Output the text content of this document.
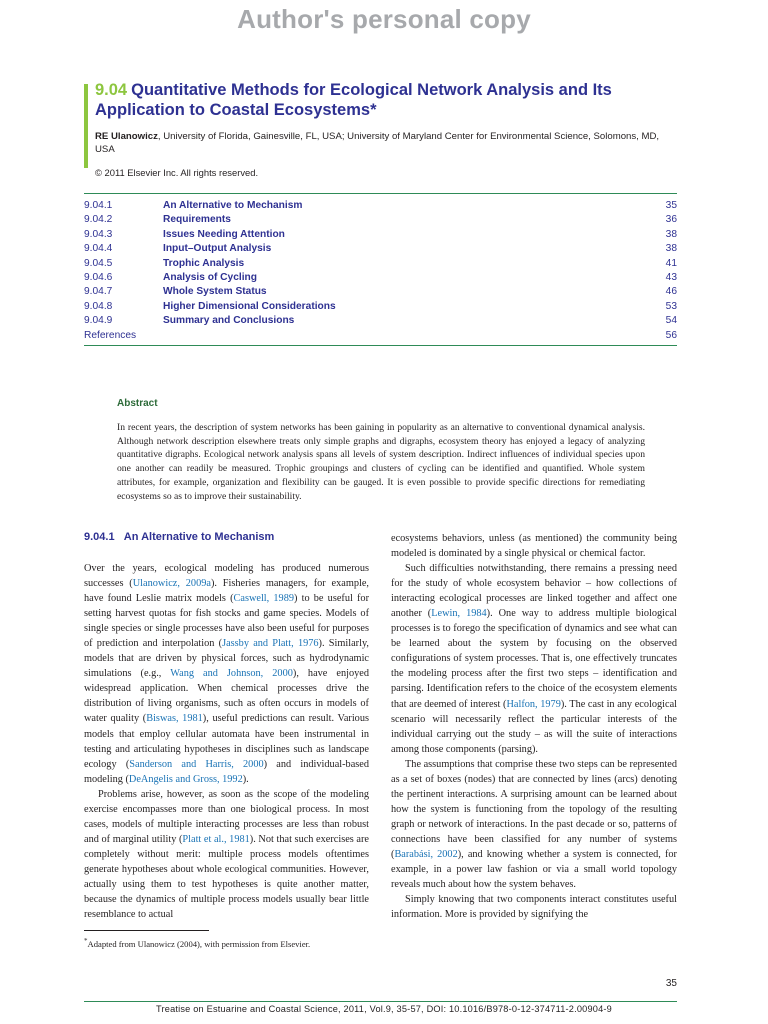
Author's personal copy
9.04 Quantitative Methods for Ecological Network Analysis and Its Application to Coastal Ecosystems*
RE Ulanowicz, University of Florida, Gainesville, FL, USA; University of Maryland Center for Environmental Science, Solomons, MD, USA
© 2011 Elsevier Inc. All rights reserved.
9.04.1	An Alternative to Mechanism	35
9.04.2	Requirements	36
9.04.3	Issues Needing Attention	38
9.04.4	Input–Output Analysis	38
9.04.5	Trophic Analysis	41
9.04.6	Analysis of Cycling	43
9.04.7	Whole System Status	46
9.04.8	Higher Dimensional Considerations	53
9.04.9	Summary and Conclusions	54
References	56
Abstract
In recent years, the description of system networks has been gaining in popularity as an alternative to conventional dynamical analysis. Although network description elsewhere treats only simple graphs and digraphs, ecosystem theory has enjoyed a legacy of analyzing quantitative digraphs. Ecological network analysis spans all levels of system description. Indirect influences of individual species upon one another can readily be measured. Trophic groupings and clusters of cycling can be identified and quantified. Whole system attributes, for example, organization and flexibility can be gauged. It is even possible to provide specific directions for remediating ecosystems so as to improve their sustainability.
9.04.1 An Alternative to Mechanism

Over the years, ecological modeling has produced numerous successes (Ulanowicz, 2009a). Fisheries managers, for example, have found Leslie matrix models (Caswell, 1989) to be useful for setting harvest quotas for fish stocks and game species. Models of single species or single processes have also been useful for purposes of prediction and interpolation (Jassby and Platt, 1976). Similarly, models that are driven by physical forces, such as hydrodynamic simulations (e.g., Wang and Johnson, 2000), have enjoyed widespread application. When chemical processes drive the distribution of living organisms, such as often occurs in models of water quality (Biswas, 1981), useful predictions can result. Various models that employ cellular automata have been instrumental in testing and articulating hypotheses in disciplines such as landscape ecology (Sanderson and Harris, 2000) and individual-based modeling (DeAngelis and Gross, 1992).

Problems arise, however, as soon as the scope of the modeling exercise encompasses more than one biological process. In most cases, models of multiple interacting processes are less than robust and of marginal utility (Platt et al., 1981). Not that such exercises are completely without merit: multiple process models oftentimes generate hypotheses about whole ecological communities. However, actually using them to test hypotheses is quite another matter, because the dynamics of multiple process models usually bear little resemblance to actual

ecosystems behaviors, unless (as mentioned) the community being modeled is dominated by a single physical or chemical factor.

Such difficulties notwithstanding, there remains a pressing need for the study of whole ecosystem behavior – how collections of interacting ecological processes are linked together and affect one another (Lewin, 1984). One way to address multiple biological processes is to forego the specification of dynamics and see what can be learned about the system by focusing on the observed configurations of system processes. That is, one effectively truncates the modeling process after the first two steps – identification and parsing. Identification refers to the choice of the ecosystem elements that are deemed of interest (Halfon, 1979). The cast in any ecological scenario will necessarily reflect the particular interests of the individual carrying out the study – as will the suite of interactions among those components (parsing).

The assumptions that comprise these two steps can be represented as a set of boxes (nodes) that are connected by lines (arcs) denoting the pertinent interactions. A surprising amount can be learned about how the system is functioning from the topology of the resulting graph or network of interactions. In the past decade or so, patterns of connections have been classified for any number of systems (Barabási, 2002), and knowing whether a system is connected, for example, in a power law fashion or via a small world topology reveals much about how the system behaves.

Simply knowing that two components interact constitutes useful information. More is provided by signifying the

*Adapted from Ulanowicz (2004), with permission from Elsevier.
35
Treatise on Estuarine and Coastal Science, 2011, Vol.9, 35-57, DOI: 10.1016/B978-0-12-374711-2.00904-9
